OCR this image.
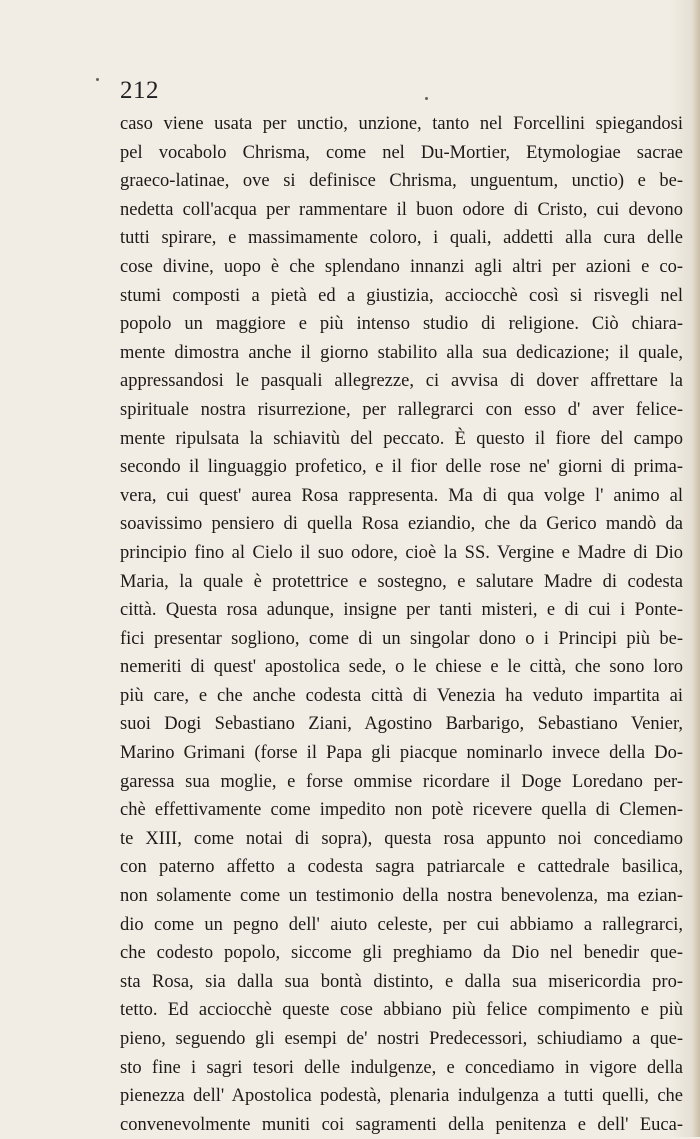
212
caso viene usata per unctio, unzione, tanto nel Forcellini spiegandosi
pel vocabolo Chrisma, come nel Du-Mortier, Etymologiae sacrae
graeco-latinae, ove si definisce Chrisma, unguentum, unctio) e be-
nedetta coll'acqua per rammentare il buon odore di Cristo, cui devono
tutti spirare, e massimamente coloro, i quali, addetti alla cura delle
cose divine, uopo è che splendano innanzi agli altri per azioni e co-
stumi composti a pietà ed a giustizia, acciocchè così si risvegli nel
popolo un maggiore e più intenso studio di religione. Ciò chiara-
mente dimostra anche il giorno stabilito alla sua dedicazione; il quale,
appressandosi le pasquali allegrezze, ci avvisa di dover affrettare la
spirituale nostra risurrezione, per rallegrarci con esso d' aver felice-
mente ripulsata la schiavitù del peccato. È questo il fiore del campo
secondo il linguaggio profetico, e il fior delle rose ne' giorni di prima-
vera, cui quest' aurea Rosa rappresenta. Ma di qua volge l' animo al
soavissimo pensiero di quella Rosa eziandio, che da Gerico mandò da
principio fino al Cielo il suo odore, cioè la SS. Vergine e Madre di Dio
Maria, la quale è protettrice e sostegno, e salutare Madre di codesta
città. Questa rosa adunque, insigne per tanti misteri, e di cui i Ponte-
fici presentar sogliono, come di un singolar dono o i Principi più be-
nemeriti di quest' apostolica sede, o le chiese e le città, che sono loro
più care, e che anche codesta città di Venezia ha veduto impartita ai
suoi Dogi Sebastiano Ziani, Agostino Barbarigo, Sebastiano Venier,
Marino Grimani (forse il Papa gli piacque nominarlo invece della Do-
garessa sua moglie, e forse ommise ricordare il Doge Loredano per-
chè effettivamente come impedito non potè ricevere quella di Clemen-
te XIII, come notai di sopra), questa rosa appunto noi concediamo
con paterno affetto a codesta sagra patriarcale e cattedrale basilica,
non solamente come un testimonio della nostra benevolenza, ma ezian-
dio come un pegno dell' aiuto celeste, per cui abbiamo a rallegrarci,
che codesto popolo, siccome gli preghiamo da Dio nel benedir que-
sta Rosa, sia dalla sua bontà distinto, e dalla sua misericordia pro-
tetto. Ed acciocchè queste cose abbiano più felice compimento e più
pieno, seguendo gli esempi de' nostri Predecessori, schiudiamo a que-
sto fine i sagri tesori delle indulgenze, e concediamo in vigore della
pienezza dell' Apostolica podestà, plenaria indulgenza a tutti quelli, che
convenevolmente muniti coi sagramenti della penitenza e dell' Euca-
